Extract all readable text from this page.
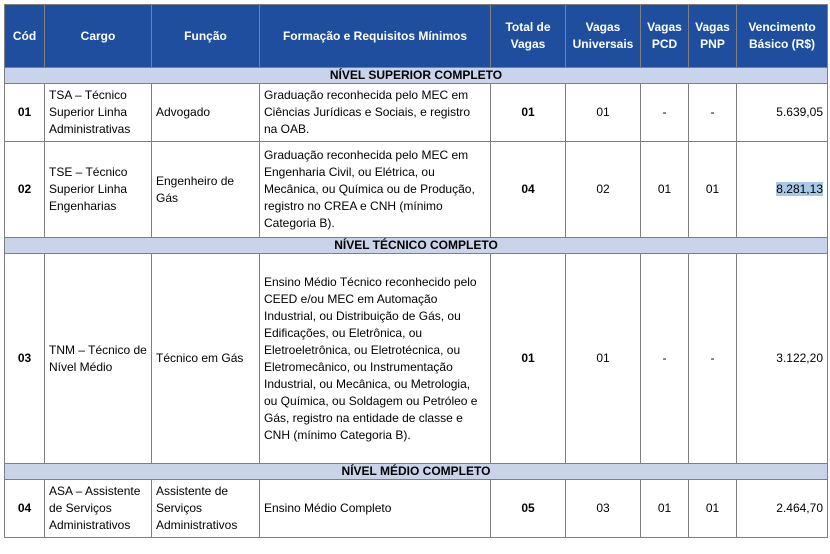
Cód	Cargo	Função	Formação e Requisitos Mínimos	Total de Vagas	Vagas Universais	Vagas PCD	Vagas PNP	Vencimento Básico (R$)
NÍVEL SUPERIOR COMPLETO								
01	TSA – Técnico Superior Linha Administrativas	Advogado	Graduação reconhecida pelo MEC em Ciências Jurídicas e Sociais, e registro na OAB.	01	01	-	-	5.639,05
02	TSE – Técnico Superior Linha Engenharias	Engenheiro de Gás	Graduação reconhecida pelo MEC em Engenharia Civil, ou Elétrica, ou Mecânica, ou Química ou de Produção, registro no CREA e CNH (mínimo Categoria B).	04	02	01	01	8.281,13
NÍVEL TÉCNICO COMPLETO								
03	TNM – Técnico de Nível Médio	Técnico em Gás	Ensino Médio Técnico reconhecido pelo CEED e/ou MEC em Automação Industrial, ou Distribuição de Gás, ou Edificações, ou Eletrônica, ou Eletroeletrônica, ou Eletrotécnica, ou Eletromecânico, ou Instrumentação Industrial, ou Mecânica, ou Metrologia, ou Química, ou Soldagem ou Petróleo e Gás, registro na entidade de classe e CNH (mínimo Categoria B).	01	01	-	-	3.122,20
NÍVEL MÉDIO COMPLETO								
04	ASA – Assistente de Serviços Administrativos	Assistente de Serviços Administrativos	Ensino Médio Completo	05	03	01	01	2.464,70
